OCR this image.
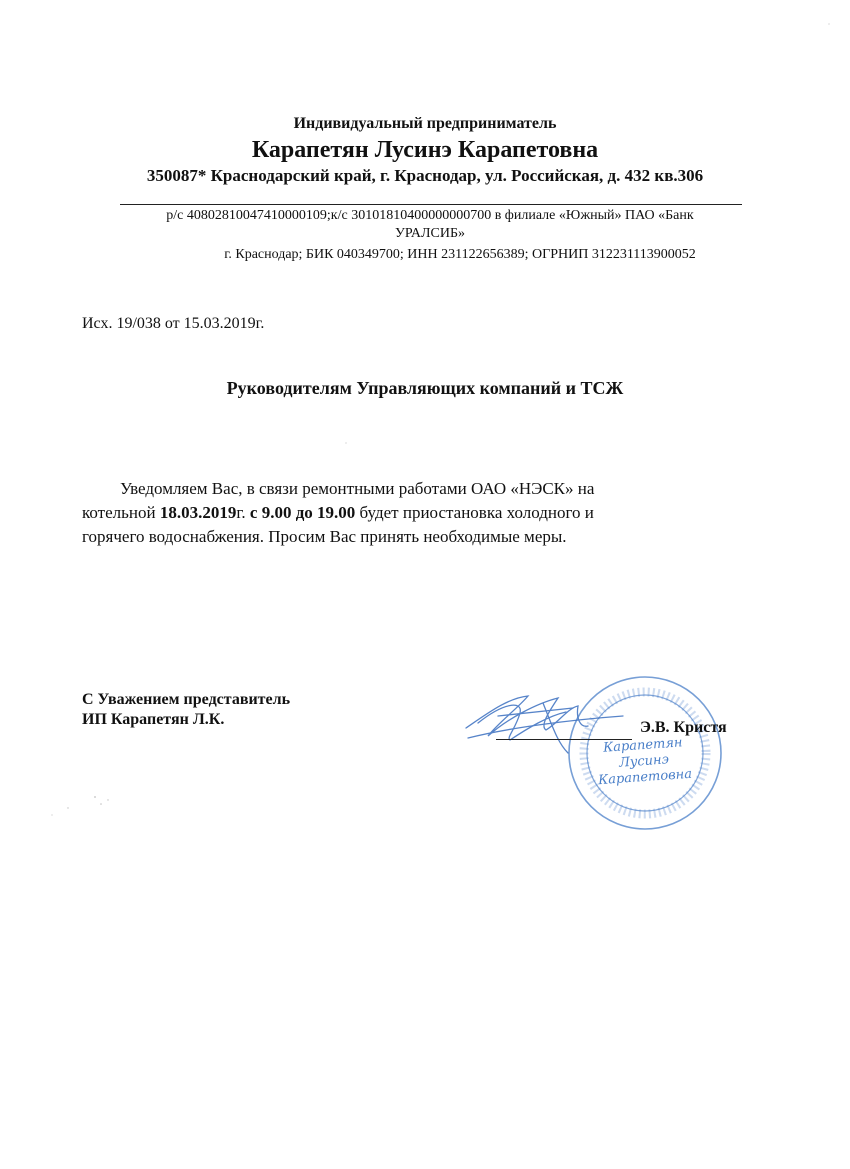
Индивидуальный предприниматель
Карапетян Лусинэ Карапетовна
350087* Краснодарский край, г. Краснодар, ул. Российская, д. 432 кв.306
р/с 40802810047410000109;к/с 30101810400000000700 в филиале «Южный» ПАО «Банк
УРАЛСИБ»
г. Краснодар; БИК 040349700; ИНН 231122656389; ОГРНИП 312231113900052
Исх. 19/038 от 15.03.2019г.
Руководителям Управляющих компаний и ТСЖ
Уведомляем Вас, в связи ремонтными работами ОАО «НЭСК» на
котельной 18.03.2019г. с 9.00 до 19.00 будет приостановка холодного и
горячего водоснабжения. Просим Вас принять необходимые меры.
С Уважением представитель
ИП Карапетян Л.К.	Э.В. Кристя
Карапетян
Лусинэ
Карапетовна
